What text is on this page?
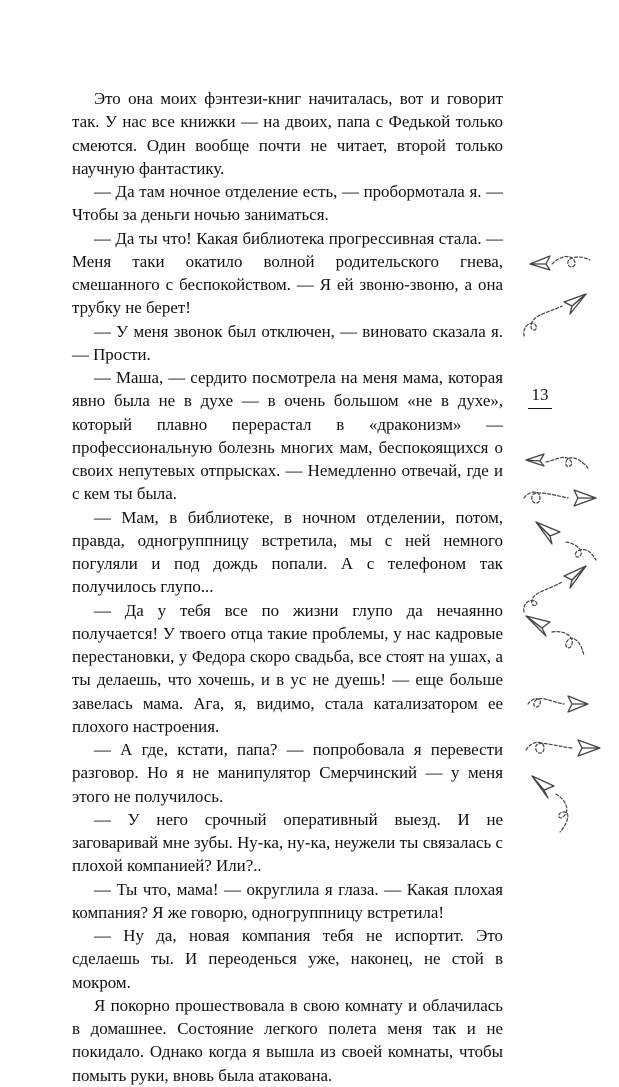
Это она моих фэнтези-книг начиталась, вот и говорит так. У нас все книжки — на двоих, папа с Федькой только смеются. Один вообще почти не читает, второй только научную фантастику.

— Да там ночное отделение есть, — пробормотала я. — Чтобы за деньги ночью заниматься.

— Да ты что! Какая библиотека прогрессивная стала. — Меня таки окатило волной родительского гнева, смешанного с беспокойством. — Я ей звоню-звоню, а она трубку не берет!

— У меня звонок был отключен, — виновато сказала я. — Прости.

— Маша, — сердито посмотрела на меня мама, которая явно была не в духе — в очень большом «не в духе», который плавно перерастал в «драконизм» — профессиональную болезнь многих мам, беспокоящихся о своих непутевых отпрысках. — Немедленно отвечай, где и с кем ты была.

— Мам, в библиотеке, в ночном отделении, потом, правда, одногруппницу встретила, мы с ней немного погуляли и под дождь попали. А с телефоном так получилось глупо...

— Да у тебя все по жизни глупо да нечаянно получается! У твоего отца такие проблемы, у нас кадровые перестановки, у Федора скоро свадьба, все стоят на ушах, а ты делаешь, что хочешь, и в ус не дуешь! — еще больше завелась мама. Ага, я, видимо, стала катализатором ее плохого настроения.

— А где, кстати, папа? — попробовала я перевести разговор. Но я не манипулятор Смерчинский — у меня этого не получилось.

— У него срочный оперативный выезд. И не заговаривай мне зубы. Ну-ка, ну-ка, неужели ты связалась с плохой компанией? Или?..

— Ты что, мама! — округлила я глаза. — Какая плохая компания? Я же говорю, одногруппницу встретила!

— Ну да, новая компания тебя не испортит. Это сделаешь ты. И переоденься уже, наконец, не стой в мокром.

Я покорно прошествовала в свою комнату и облачилась в домашнее. Состояние легкого полета меня так и не покидало. Однако когда я вышла из своей комнаты, чтобы помыть руки, вновь была атакована.

13
